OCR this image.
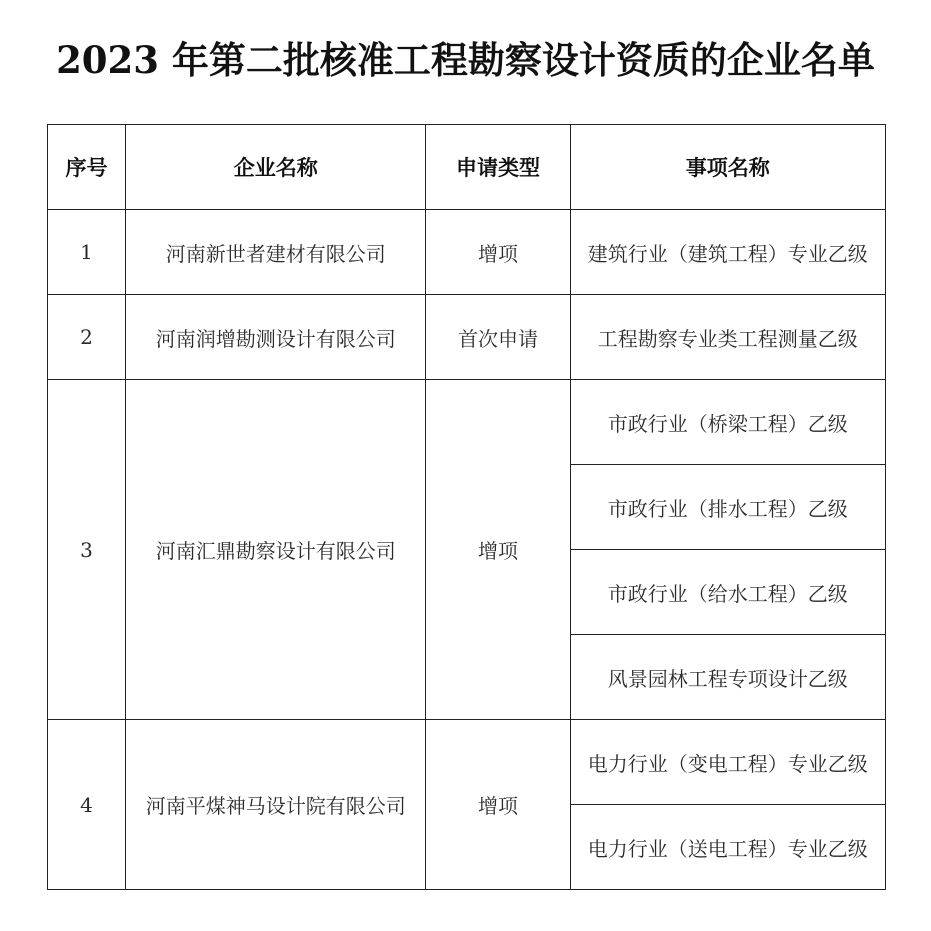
2023 年第二批核准工程勘察设计资质的企业名单
序号	企业名称	申请类型	事项名称
1	河南新世者建材有限公司	增项	建筑行业（建筑工程）专业乙级
2	河南润增勘测设计有限公司	首次申请	工程勘察专业类工程测量乙级
3	河南汇鼎勘察设计有限公司	增项	市政行业（桥梁工程）乙级
			市政行业（排水工程）乙级
			市政行业（给水工程）乙级
			风景园林工程专项设计乙级
4	河南平煤神马设计院有限公司	增项	电力行业（变电工程）专业乙级
			电力行业（送电工程）专业乙级
